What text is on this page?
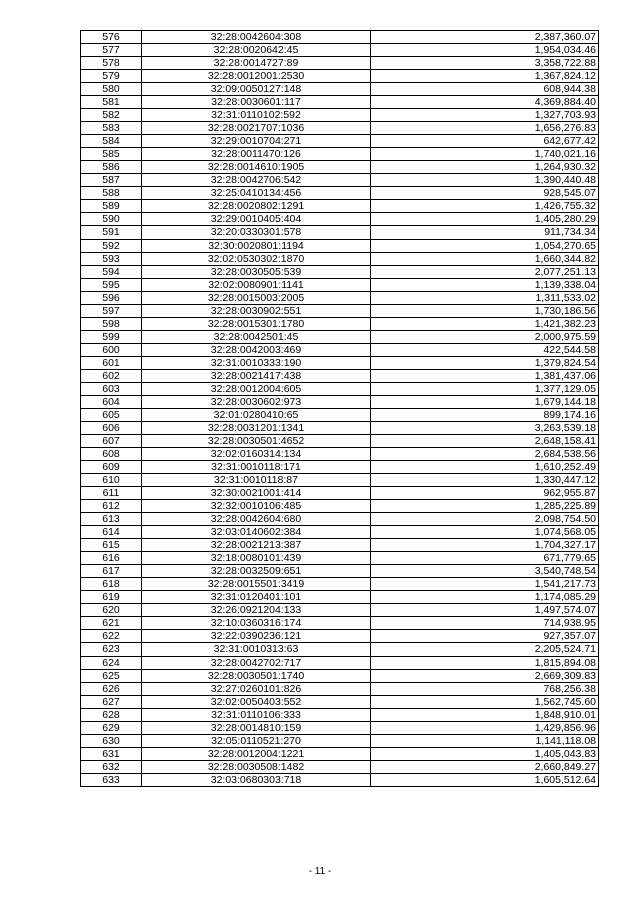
576	32:28:0042604:308	2,387,360.07
577	32:28:0020642:45	1,954,034.46
578	32:28:0014727:89	3,358,722.88
579	32:28:0012001:2530	1,367,824.12
580	32:09:0050127:148	608,944.38
581	32:28:0030601:117	4,369,884.40
582	32:31:0110102:592	1,327,703.93
583	32:28:0021707:1036	1,656,276.83
584	32:29:0010704:271	642,677.42
585	32:28:0011470:126	1,740,021.16
586	32:28:0014610:1905	1,264,930.32
587	32:28:0042706:542	1,390,440.48
588	32:25:0410134:456	928,545.07
589	32:28:0020802:1291	1,426,755.32
590	32:29:0010405:404	1,405,280.29
591	32:20:0330301:578	911,734.34
592	32:30:0020801:1194	1,054,270.65
593	32:02:0530302:1870	1,660,344.82
594	32:28:0030505:539	2,077,251.13
595	32:02:0080901:1141	1,139,338.04
596	32:28:0015003:2005	1,311,533.02
597	32:28:0030902:551	1,730,186.56
598	32:28:0015301:1780	1,421,382.23
599	32:28:0042501:45	2,000,975.59
600	32:28:0042003:469	422,544.58
601	32:31:0010333:190	1,379,824.54
602	32:28:0021417:438	1,381,437.06
603	32:28:0012004:605	1,377,129.05
604	32:28:0030602:973	1,679,144.18
605	32:01:0280410:65	899,174.16
606	32:28:0031201:1341	3,263,539.18
607	32:28:0030501:4652	2,648,158.41
608	32:02:0160314:134	2,684,538.56
609	32:31:0010118:171	1,610,252.49
610	32:31:0010118:87	1,330,447.12
611	32:30:0021001:414	962,955.87
612	32:32:0010106:485	1,285,225.89
613	32:28:0042604:680	2,098,754.50
614	32:03:0140602:384	1,074,568.05
615	32:28:0021213:387	1,704,327.17
616	32:18:0080101:439	671,779.65
617	32:28:0032509:651	3,540,748.54
618	32:28:0015501:3419	1,541,217.73
619	32:31:0120401:101	1,174,085.29
620	32:26:0921204:133	1,497,574.07
621	32:10:0360316:174	714,938.95
622	32:22:0390236:121	927,357.07
623	32:31:0010313:63	2,205,524.71
624	32:28:0042702:717	1,815,894.08
625	32:28:0030501:1740	2,669,309.83
626	32:27:0260101:826	768,256.38
627	32:02:0050403:552	1,562,745.60
628	32:31:0110106:333	1,848,910.01
629	32:28:0014810:159	1,429,856.96
630	32:05:0110521:270	1,141,118.08
631	32:28:0012004:1221	1,405,043.83
632	32:28:0030508:1482	2,660,849.27
633	32:03:0680303:718	1,605,512.64
- 11 -
